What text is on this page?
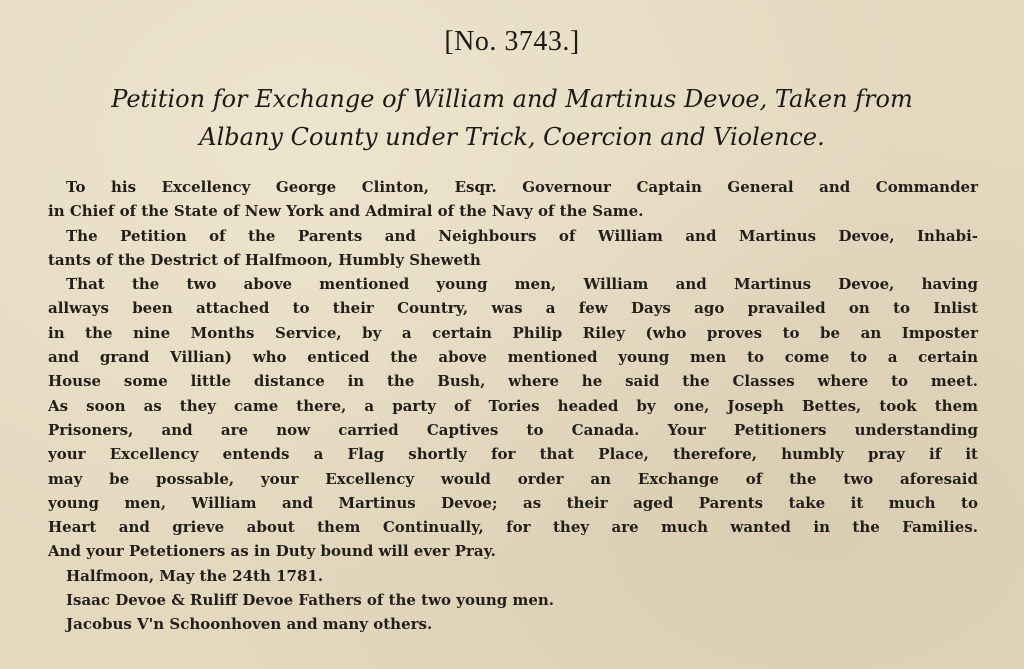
[No. 3743.]
Petition for Exchange of William and Martinus Devoe, Taken from
Albany County under Trick, Coercion and Violence.
To his Excellency George Clinton, Esqr. Governour Captain General and Commander
in Chief of the State of New York and Admiral of the Navy of the Same.
The Petition of the Parents and Neighbours of William and Martinus Devoe, Inhabi-
tants of the Destrict of Halfmoon, Humbly Sheweth
That the two above mentioned young men, William and Martinus Devoe, having
allways been attached to their Country, was a few Days ago pravailed on to Inlist
in the nine Months Service, by a certain Philip Riley (who proves to be an Imposter
and grand Villian) who enticed the above mentioned young men to come to a certain
House some little distance in the Bush, where he said the Classes where to meet.
As soon as they came there, a party of Tories headed by one, Joseph Bettes, took them
Prisoners, and are now carried Captives to Canada. Your Petitioners understanding
your Excellency entends a Flag shortly for that Place, therefore, humbly pray if it
may be possable, your Excellency would order an Exchange of the two aforesaid
young men, William and Martinus Devoe; as their aged Parents take it much to
Heart and grieve about them Continually, for they are much wanted in the Families.
And your Petetioners as in Duty bound will ever Pray.
Halfmoon, May the 24th 1781.
Isaac Devoe & Ruliff Devoe Fathers of the two young men.
Jacobus V'n Schoonhoven and many others.
